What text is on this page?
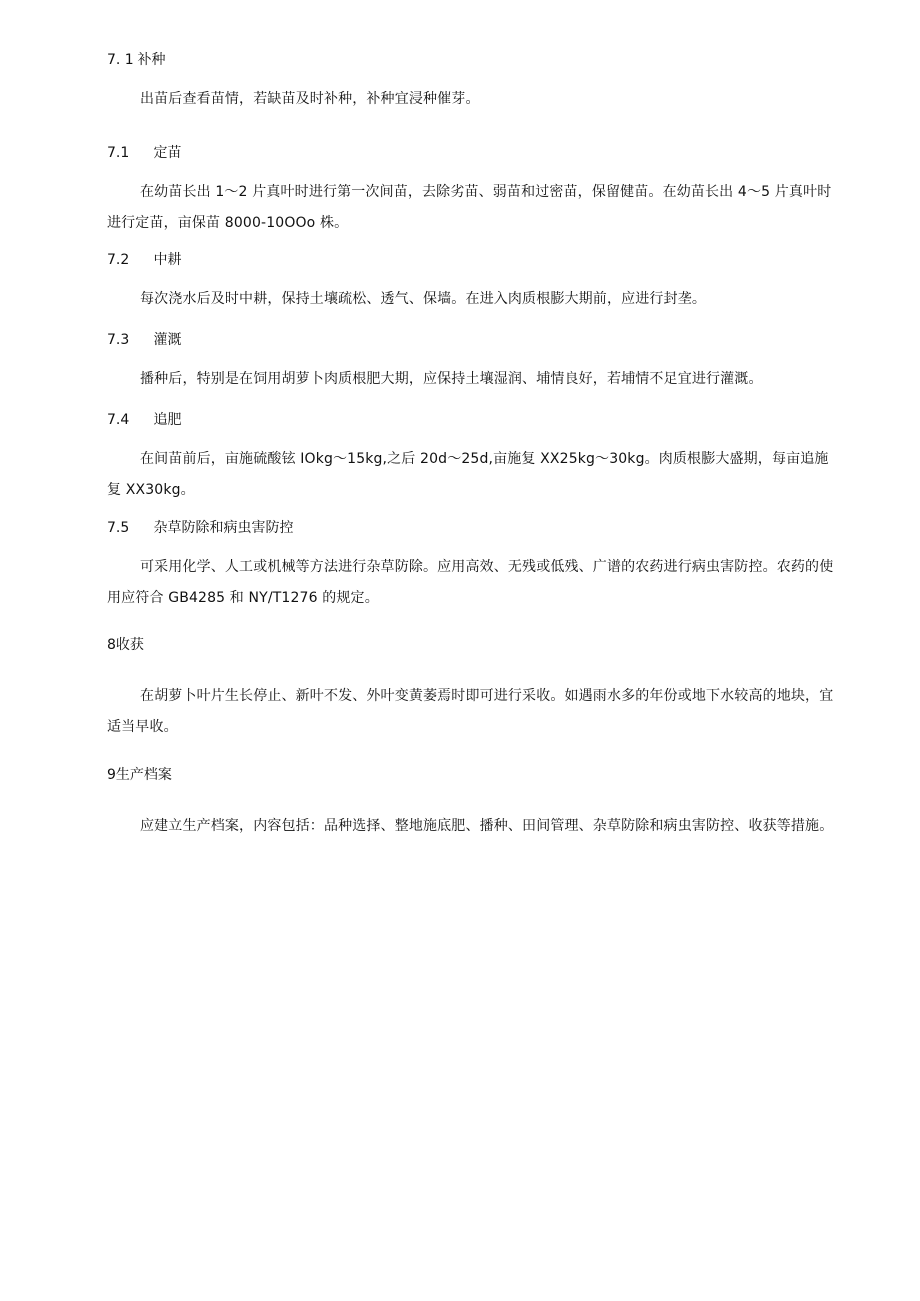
7. 1 补种
出苗后查看苗情，若缺苗及时补种，补种宜浸种催芽。
7.1 定苗
在幼苗长出 1～2 片真叶时进行第一次间苗，去除劣苗、弱苗和过密苗，保留健苗。在幼苗长出 4～5 片真叶时进行定苗，亩保苗 8000-10OOo 株。
7.2 中耕
每次浇水后及时中耕，保持土壤疏松、透气、保墙。在进入肉质根膨大期前，应进行封垄。
7.3 灌溉
播种后，特别是在饲用胡萝卜肉质根肥大期，应保持土壤湿润、埔情良好，若埔情不足宜进行灌溉。
7.4 追肥
在间苗前后，亩施硫酸铉 IOkg～15kg,之后 20d～25d,亩施复 XX25kg～30kg。肉质根膨大盛期，每亩追施复 XX30kg。
7.5 杂草防除和病虫害防控
可采用化学、人工或机械等方法进行杂草防除。应用高效、无残或低残、广谱的农药进行病虫害防控。农药的使用应符合 GB4285 和 NY/T1276 的规定。
8收获
在胡萝卜叶片生长停止、新叶不发、外叶变黄萎焉时即可进行采收。如遇雨水多的年份或地下水较高的地块，宜适当早收。
9生产档案
应建立生产档案，内容包括：品种选择、整地施底肥、播种、田间管理、杂草防除和病虫害防控、收获等措施。
